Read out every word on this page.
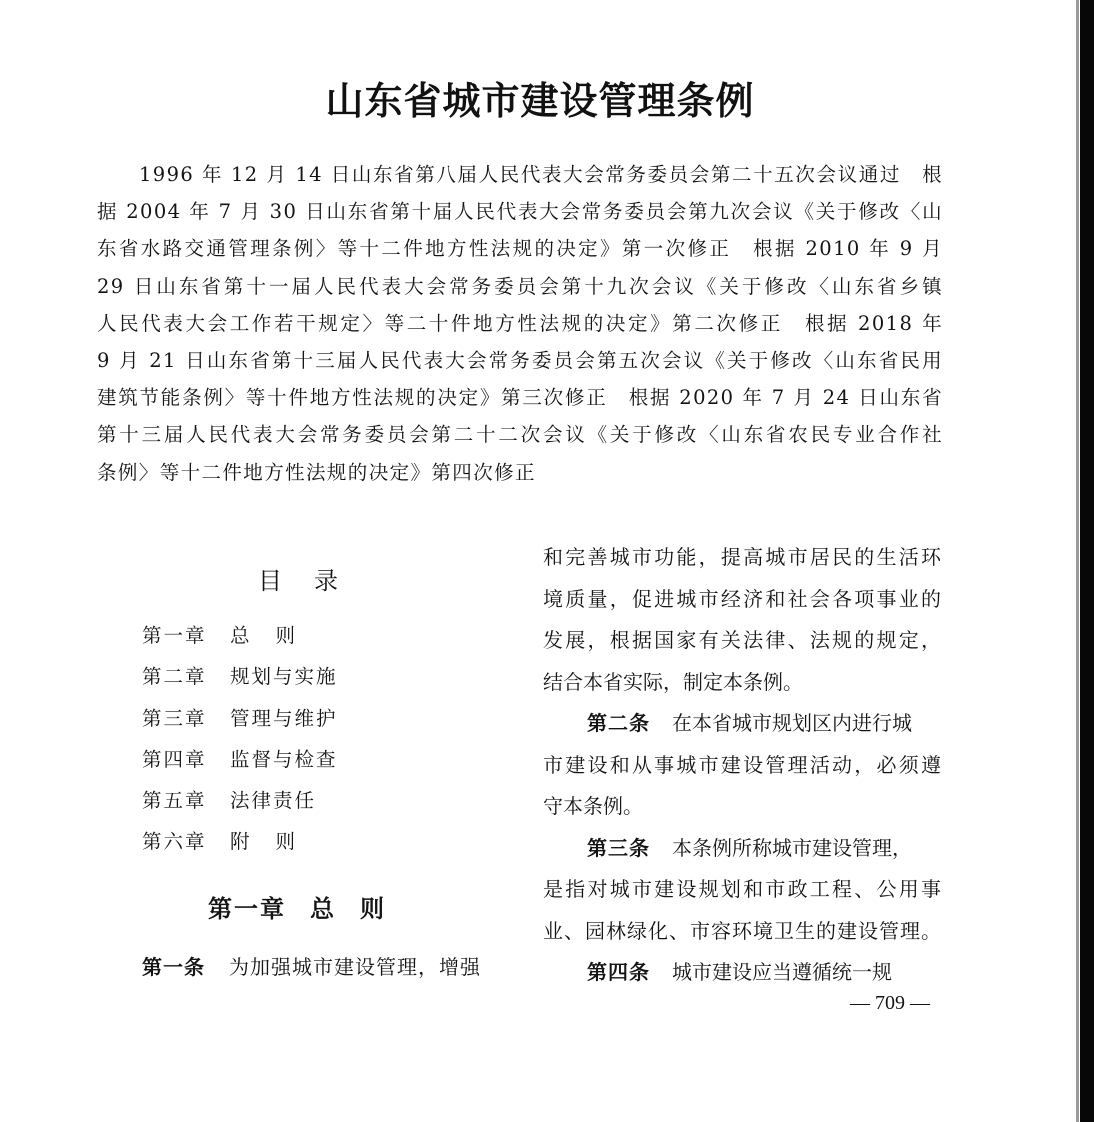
山东省城市建设管理条例
1996 年 12 月 14 日山东省第八届人民代表大会常务委员会第二十五次会议通过　根
据 2004 年 7 月 30 日山东省第十届人民代表大会常务委员会第九次会议《关于修改〈山
东省水路交通管理条例〉等十二件地方性法规的决定》第一次修正　根据 2010 年 9 月
29 日山东省第十一届人民代表大会常务委员会第十九次会议《关于修改〈山东省乡镇
人民代表大会工作若干规定〉等二十件地方性法规的决定》第二次修正　根据 2018 年
9 月 21 日山东省第十三届人民代表大会常务委员会第五次会议《关于修改〈山东省民用
建筑节能条例〉等十件地方性法规的决定》第三次修正　根据 2020 年 7 月 24 日山东省
第十三届人民代表大会常务委员会第二十二次会议《关于修改〈山东省农民专业合作社
条例〉等十二件地方性法规的决定》第四次修正
目录
第一章 总则
第二章 规划与实施
第三章 管理与维护
第四章 监督与检查
第五章 法律责任
第六章 附则
第一章 总则
第一条 为加强城市建设管理，增强
和完善城市功能，提高城市居民的生活环
境质量，促进城市经济和社会各项事业的
发展，根据国家有关法律、法规的规定，
结合本省实际，制定本条例。
第二条 在本省城市规划区内进行城
市建设和从事城市建设管理活动，必须遵
守本条例。
第三条 本条例所称城市建设管理，
是指对城市建设规划和市政工程、公用事
业、园林绿化、市容环境卫生的建设管理。
第四条 城市建设应当遵循统一规
— 709 —
